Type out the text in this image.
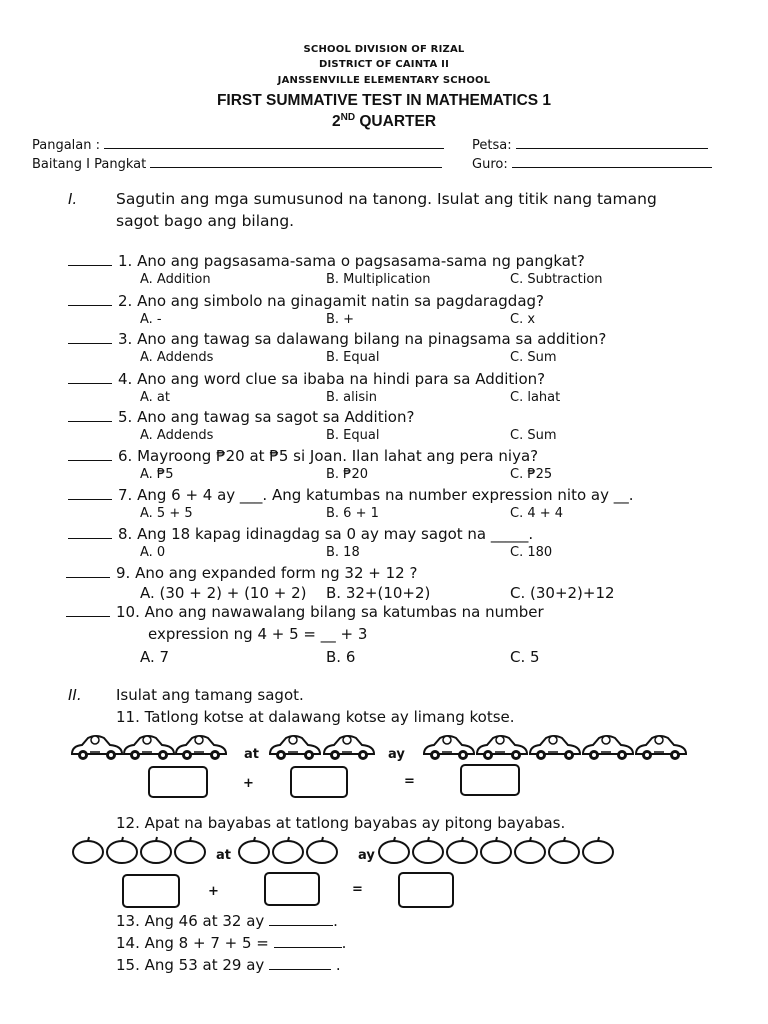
SCHOOL DIVISION OF RIZAL
DISTRICT OF CAINTA II
JANSSENVILLE ELEMENTARY SCHOOL
FIRST SUMMATIVE TEST IN MATHEMATICS 1
2ND QUARTER
Pangalan :	Petsa:
Baitang I Pangkat	Guro:
I.	Sagutin ang mga sumusunod na tanong. Isulat ang titik nang tamang sagot bago ang bilang.
1. Ano ang pagsasama-sama o pagsasama-sama ng pangkat?
A. Addition	B. Multiplication	C. Subtraction
2. Ano ang simbolo na ginagamit natin sa pagdaragdag?
A. -	B. +	C. x
3. Ano ang tawag sa dalawang bilang na pinagsama sa addition?
A. Addends	B. Equal	C. Sum
4. Ano ang word clue sa ibaba na hindi para sa Addition?
A. at	B. alisin	C. lahat
5. Ano ang tawag sa sagot sa Addition?
A. Addends	B. Equal	C. Sum
6. Mayroong ₱20 at ₱5 si Joan. Ilan lahat ang pera niya?
A. ₱5	B. ₱20	C. ₱25
7. Ang 6 + 4 ay ___. Ang katumbas na number expression nito ay __.
A. 5 + 5	B. 6 + 1	C. 4 + 4
8. Ang 18 kapag idinagdag sa 0 ay may sagot na _____.
A. 0	B. 18	C. 180
9. Ano ang expanded form ng 32 + 12 ?
A. (30 + 2) + (10 + 2) B. 32+(10+2)	C. (30+2)+12
10. Ano ang nawawalang bilang sa katumbas na number
expression ng 4 + 5 = __ + 3
A. 7	B. 6	C. 5
II. Isulat ang tamang sagot.
11. Tatlong kotse at dalawang kotse ay limang kotse.
at	ay
+	=
12. Apat na bayabas at tatlong bayabas ay pitong bayabas.
at	ay
+	=
13. Ang 46 at 32 ay	.
14. Ang 8 + 7 + 5 =	.
15. Ang 53 at 29 ay	.
